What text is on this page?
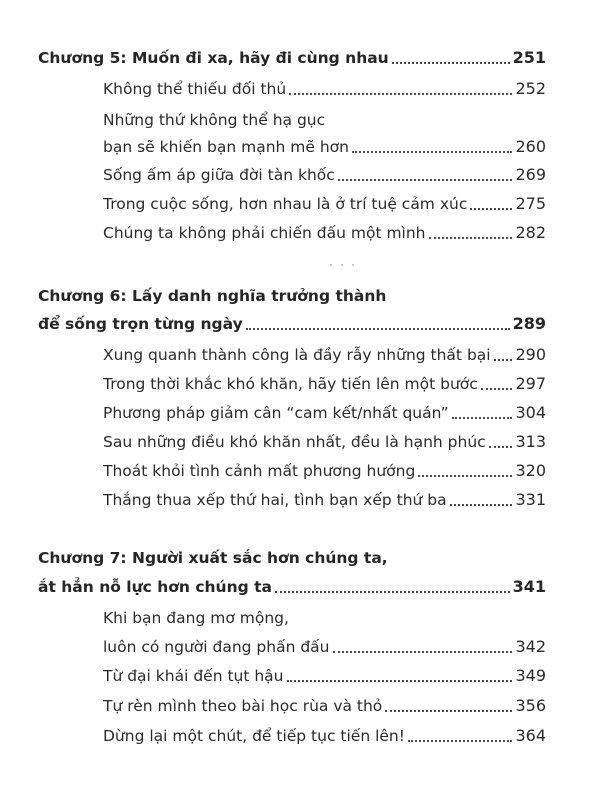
Chương 5: Muốn đi xa, hãy đi cùng nhau	251
Không thể thiếu đối thủ	252
Những thứ không thể hạ gục
bạn sẽ khiến bạn mạnh mẽ hơn	260
Sống ấm áp giữa đời tàn khốc	269
Trong cuộc sống, hơn nhau là ở trí tuệ cảm xúc	275
Chúng ta không phải chiến đấu một mình	282
Chương 6: Lấy danh nghĩa trưởng thành
để sống trọn từng ngày	289
Xung quanh thành công là đầy rẫy những thất bại 290
Trong thời khắc khó khăn, hãy tiến lên một bước 297
Phương pháp giảm cân “cam kết/nhất quán”	304
Sau những điều khó khăn nhất, đều là hạnh phúc 313
Thoát khỏi tình cảnh mất phương hướng	320
Thắng thua xếp thứ hai, tình bạn xếp thứ ba	331
Chương 7: Người xuất sắc hơn chúng ta,
ắt hẳn nỗ lực hơn chúng ta	341
Khi bạn đang mơ mộng,
luôn có người đang phấn đấu	342
Từ đại khái đến tụt hậu	349
Tự rèn mình theo bài học rùa và thỏ	356
Dừng lại một chút, để tiếp tục tiến lên!	364
